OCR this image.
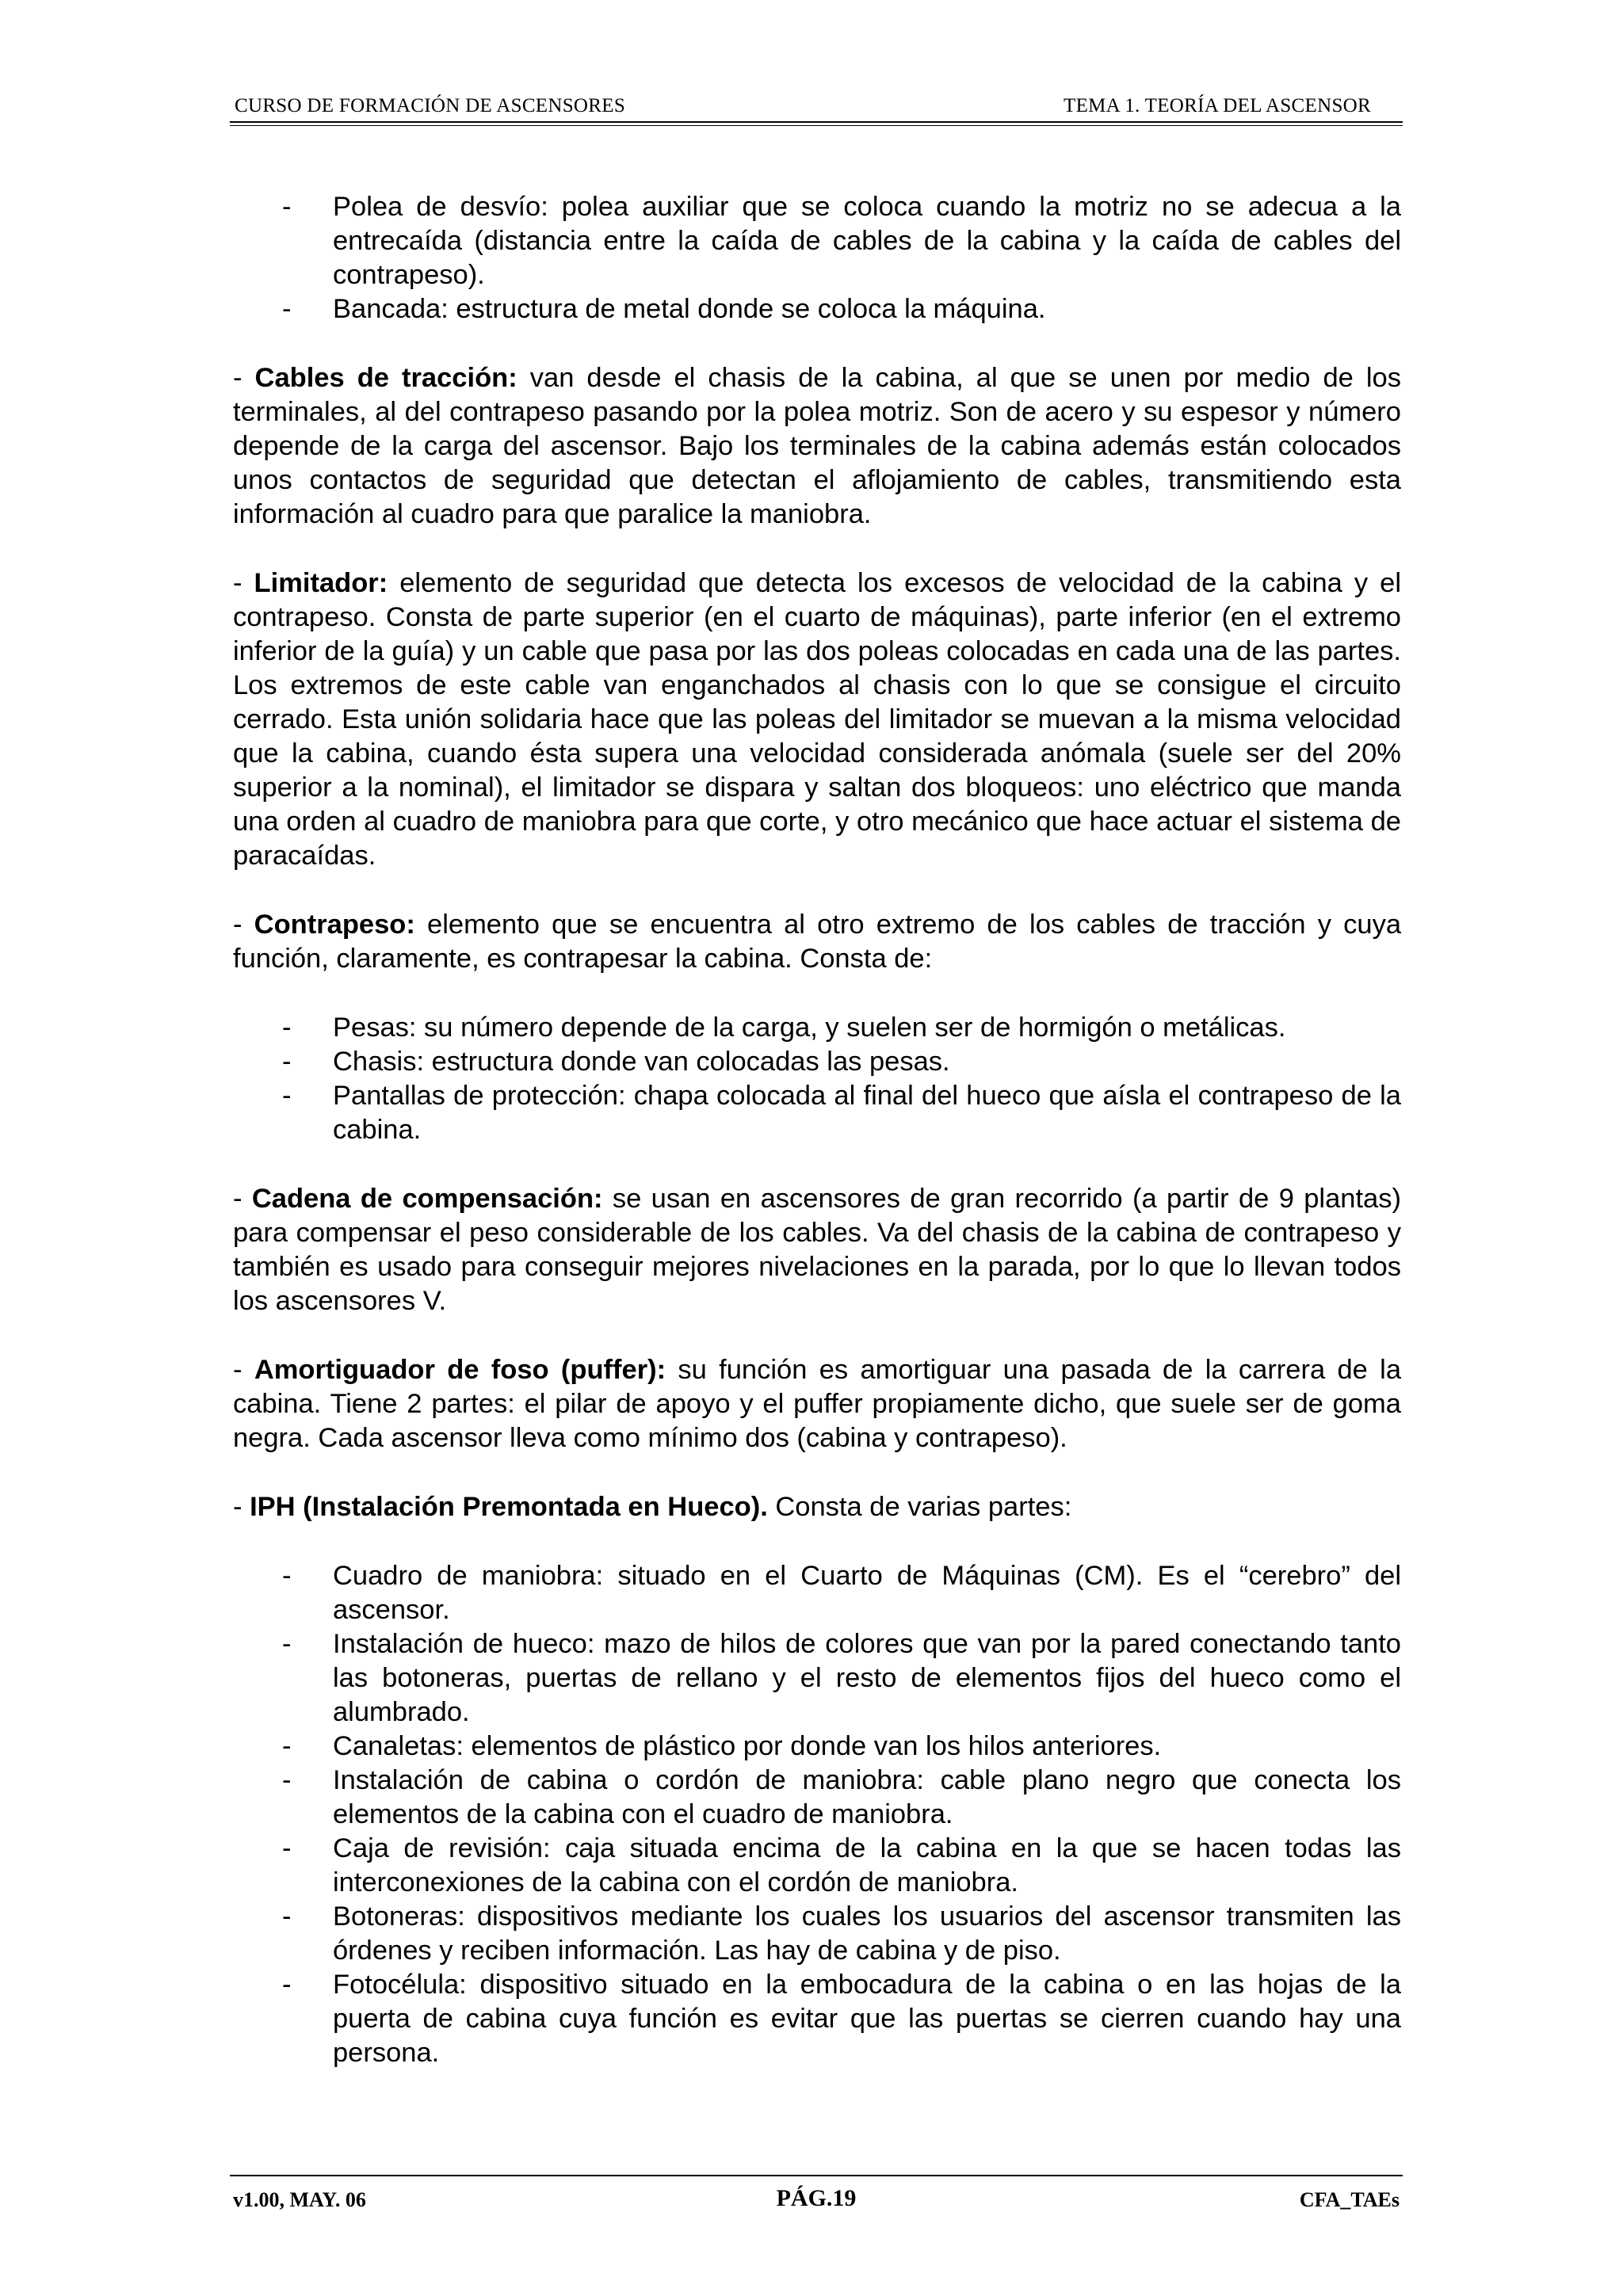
CURSO DE FORMACIÓN DE ASCENSORES	TEMA 1. TEORÍA DEL ASCENSOR
- Polea de desvío: polea auxiliar que se coloca cuando la motriz no se adecua a la entrecaída (distancia entre la caída de cables de la cabina y la caída de cables del contrapeso).
- Bancada: estructura de metal donde se coloca la máquina.

- Cables de tracción: van desde el chasis de la cabina, al que se unen por medio de los terminales, al del contrapeso pasando por la polea motriz. Son de acero y su espesor y número depende de la carga del ascensor. Bajo los terminales de la cabina además están colocados unos contactos de seguridad que detectan el aflojamiento de cables, transmitiendo esta información al cuadro para que paralice la maniobra.

- Limitador: elemento de seguridad que detecta los excesos de velocidad de la cabina y el contrapeso. Consta de parte superior (en el cuarto de máquinas), parte inferior (en el extremo inferior de la guía) y un cable que pasa por las dos poleas colocadas en cada una de las partes. Los extremos de este cable van enganchados al chasis con lo que se consigue el circuito cerrado. Esta unión solidaria hace que las poleas del limitador se muevan a la misma velocidad que la cabina, cuando ésta supera una velocidad considerada anómala (suele ser del 20% superior a la nominal), el limitador se dispara y saltan dos bloqueos: uno eléctrico que manda una orden al cuadro de maniobra para que corte, y otro mecánico que hace actuar el sistema de paracaídas.

- Contrapeso: elemento que se encuentra al otro extremo de los cables de tracción y cuya función, claramente, es contrapesar la cabina. Consta de:

- Pesas: su número depende de la carga, y suelen ser de hormigón o metálicas.
- Chasis: estructura donde van colocadas las pesas.
- Pantallas de protección: chapa colocada al final del hueco que aísla el contrapeso de la cabina.

- Cadena de compensación: se usan en ascensores de gran recorrido (a partir de 9 plantas) para compensar el peso considerable de los cables. Va del chasis de la cabina de contrapeso y también es usado para conseguir mejores nivelaciones en la parada, por lo que lo llevan todos los ascensores V.

- Amortiguador de foso (puffer): su función es amortiguar una pasada de la carrera de la cabina. Tiene 2 partes: el pilar de apoyo y el puffer propiamente dicho, que suele ser de goma negra. Cada ascensor lleva como mínimo dos (cabina y contrapeso).

- IPH (Instalación Premontada en Hueco). Consta de varias partes:

- Cuadro de maniobra: situado en el Cuarto de Máquinas (CM). Es el “cerebro” del ascensor.
- Instalación de hueco: mazo de hilos de colores que van por la pared conectando tanto las botoneras, puertas de rellano y el resto de elementos fijos del hueco como el alumbrado.
- Canaletas: elementos de plástico por donde van los hilos anteriores.
- Instalación de cabina o cordón de maniobra: cable plano negro que conecta los elementos de la cabina con el cuadro de maniobra.
- Caja de revisión: caja situada encima de la cabina en la que se hacen todas las interconexiones de la cabina con el cordón de maniobra.
- Botoneras: dispositivos mediante los cuales los usuarios del ascensor transmiten las órdenes y reciben información. Las hay de cabina y de piso.
- Fotocélula: dispositivo situado en la embocadura de la cabina o en las hojas de la puerta de cabina cuya función es evitar que las puertas se cierren cuando hay una persona.
v1.00, MAY. 06	PÁG.19	CFA_TAEs
